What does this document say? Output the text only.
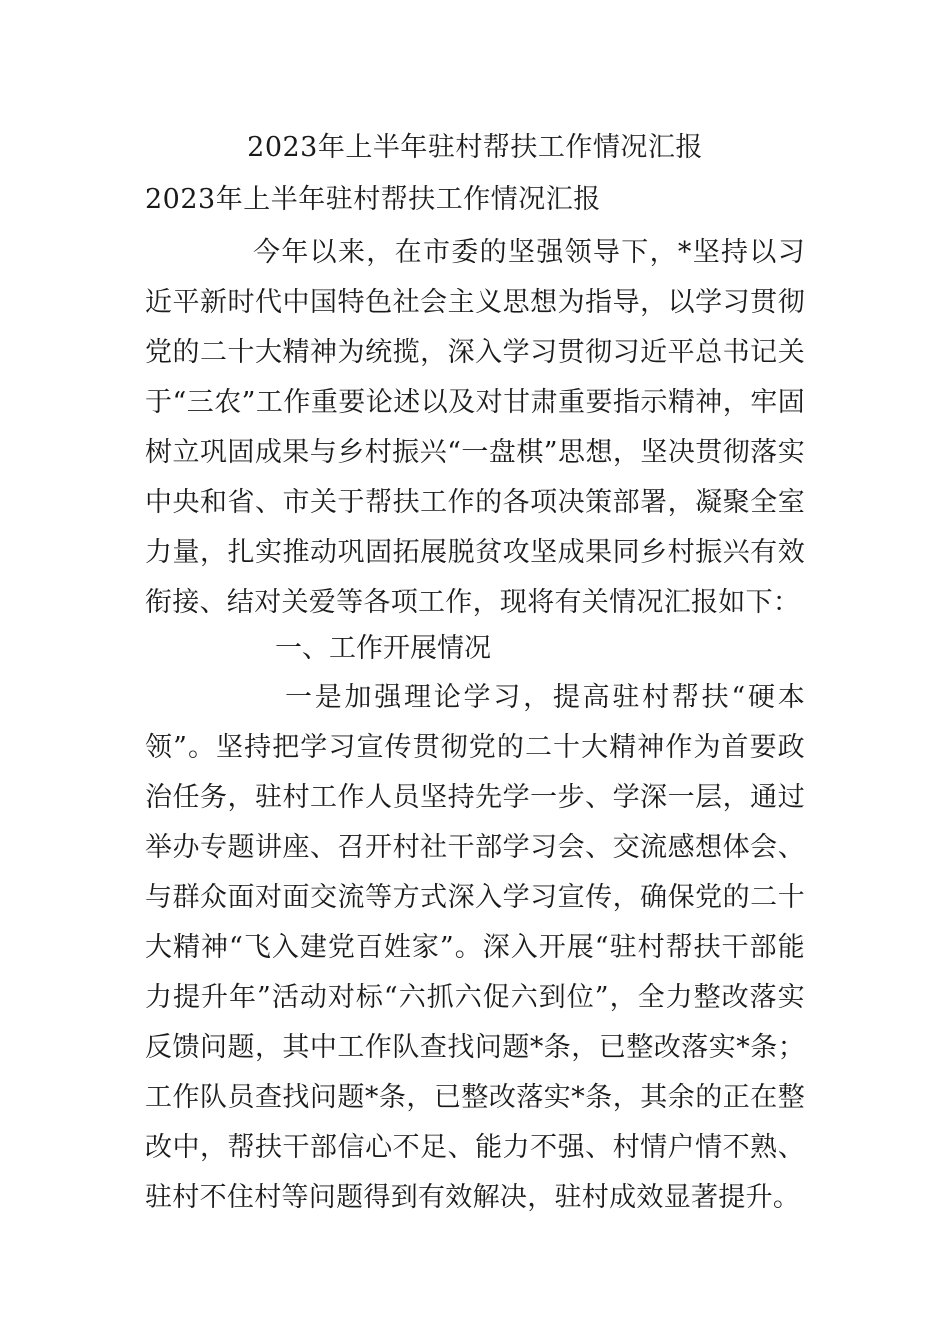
2023年上半年驻村帮扶工作情况汇报
2023年上半年驻村帮扶工作情况汇报

今年以来，在市委的坚强领导下，*坚持以习近平新时代中国特色社会主义思想为指导，以学习贯彻党的二十大精神为统揽，深入学习贯彻习近平总书记关于“三农”工作重要论述以及对甘肃重要指示精神，牢固树立巩固成果与乡村振兴“一盘棋”思想，坚决贯彻落实中央和省、市关于帮扶工作的各项决策部署，凝聚全室力量，扎实推动巩固拓展脱贫攻坚成果同乡村振兴有效衔接、结对关爱等各项工作，现将有关情况汇报如下：

一、工作开展情况

一是加强理论学习，提高驻村帮扶“硬本领”。坚持把学习宣传贯彻党的二十大精神作为首要政治任务，驻村工作人员坚持先学一步、学深一层，通过举办专题讲座、召开村社干部学习会、交流感想体会、与群众面对面交流等方式深入学习宣传，确保党的二十大精神“飞入建党百姓家”。深入开展“驻村帮扶干部能力提升年”活动对标“六抓六促六到位”，全力整改落实反馈问题，其中工作队查找问题*条，已整改落实*条；工作队员查找问题*条，已整改落实*条，其余的正在整改中，帮扶干部信心不足、能力不强、村情户情不熟、驻村不住村等问题得到有效解决，驻村成效显著提升。
